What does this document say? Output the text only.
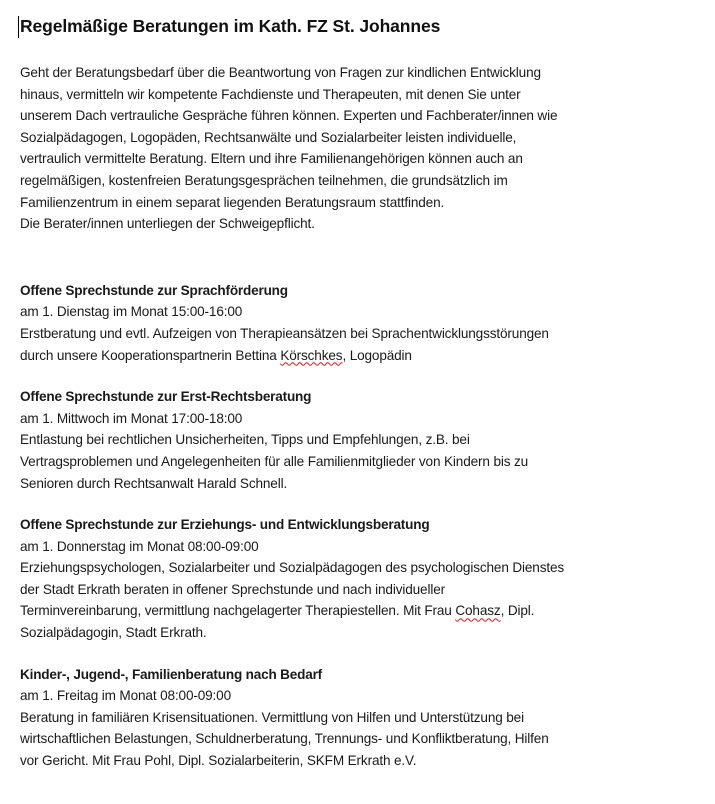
Regelmäßige Beratungen im Kath. FZ St. Johannes
Geht der Beratungsbedarf über die Beantwortung von Fragen zur kindlichen Entwicklung
hinaus, vermitteln wir kompetente Fachdienste und Therapeuten, mit denen Sie unter
unserem Dach vertrauliche Gespräche führen können. Experten und Fachberater/innen wie
Sozialpädagogen, Logopäden, Rechtsanwälte und Sozialarbeiter leisten individuelle,
vertraulich vermittelte Beratung. Eltern und ihre Familienangehörigen können auch an
regelmäßigen, kostenfreien Beratungsgesprächen teilnehmen, die grundsätzlich im
Familienzentrum in einem separat liegenden Beratungsraum stattfinden.
Die Berater/innen unterliegen der Schweigepflicht.
Offene Sprechstunde zur Sprachförderung
am 1. Dienstag im Monat 15:00-16:00
Erstberatung und evtl. Aufzeigen von Therapieansätzen bei Sprachentwicklungsstörungen
durch unsere Kooperationspartnerin Bettina Körschkes, Logopädin
Offene Sprechstunde zur Erst-Rechtsberatung
am 1. Mittwoch im Monat 17:00-18:00
Entlastung bei rechtlichen Unsicherheiten, Tipps und Empfehlungen, z.B. bei
Vertragsproblemen und Angelegenheiten für alle Familienmitglieder von Kindern bis zu
Senioren durch Rechtsanwalt Harald Schnell.
Offene Sprechstunde zur Erziehungs- und Entwicklungsberatung
am 1. Donnerstag im Monat 08:00-09:00
Erziehungspsychologen, Sozialarbeiter und Sozialpädagogen des psychologischen Dienstes
der Stadt Erkrath beraten in offener Sprechstunde und nach individueller
Terminvereinbarung, vermittlung nachgelagerter Therapiestellen. Mit Frau Cohasz, Dipl.
Sozialpädagogin, Stadt Erkrath.
Kinder-, Jugend-, Familienberatung nach Bedarf
am 1. Freitag im Monat 08:00-09:00
Beratung in familiären Krisensituationen. Vermittlung von Hilfen und Unterstützung bei
wirtschaftlichen Belastungen, Schuldnerberatung, Trennungs- und Konfliktberatung, Hilfen
vor Gericht. Mit Frau Pohl, Dipl. Sozialarbeiterin, SKFM Erkrath e.V.
